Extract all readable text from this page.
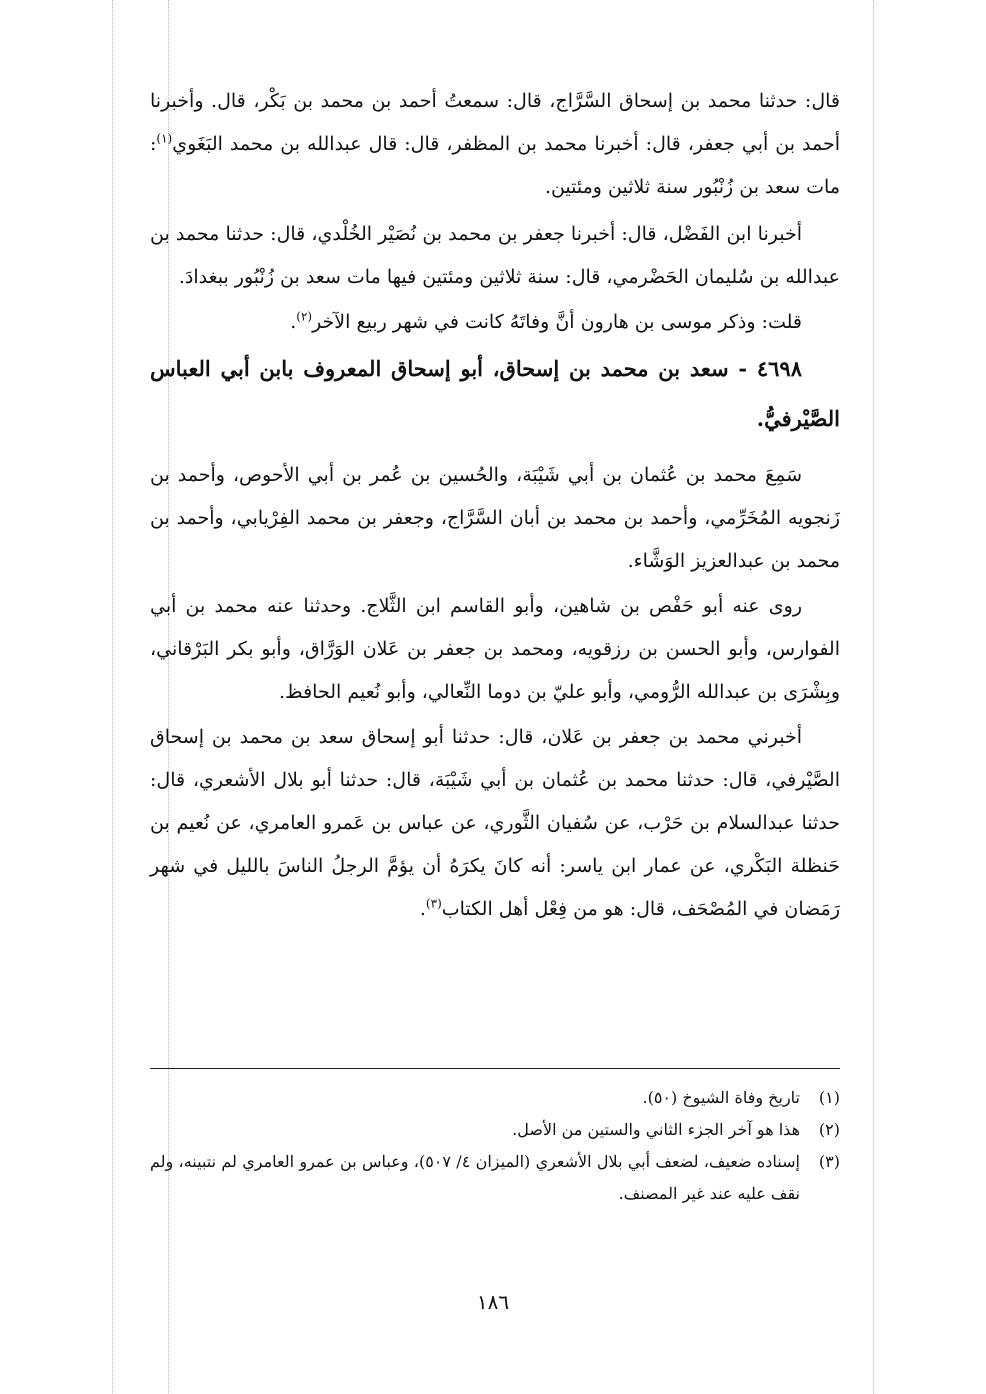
قال: حدثنا محمد بن إسحاق السَّرَّاج، قال: سمعتُ أحمد بن محمد بن بَكْر، قال. وأخبرنا أحمد بن أبي جعفر، قال: أخبرنا محمد بن المظفر، قال: قال عبدالله بن محمد البَغَوي$^{(١)}$: مات سعد بن زُنْبُور سنة ثلاثين ومئتين.

أخبرنا ابن الفَضْل، قال: أخبرنا جعفر بن محمد بن نُصَيْر الخُلْدي، قال: حدثنا محمد بن عبدالله بن سُليمان الحَضْرمي، قال: سنة ثلاثين ومئتين فيها مات سعد بن زُنْبُور ببغدادَ.

قلت: وذكر موسى بن هارون أنَّ وفاتَهُ كانت في شهر ربيع الآخر$^{(٢)}$.

٤٦٩٨ - سعد بن محمد بن إسحاق، أبو إسحاق المعروف بابن أبي العباس الصَّيْرفيُّ.

سَمِعَ محمد بن عُثمان بن أبي شَيْبَة، والحُسين بن عُمر بن أبي الأحوص، وأحمد بن زَنجويه المُخَرِّمي، وأحمد بن محمد بن أبان السَّرَّاج، وجعفر بن محمد الفِرْيابي، وأحمد بن محمد بن عبدالعزيز الوَشَّاء.

روى عنه أبو حَفْص بن شاهين، وأبو القاسم ابن الثَّلاج. وحدثنا عنه محمد بن أبي الفوارس، وأبو الحسن بن رزقويه، ومحمد بن جعفر بن عَلان الوَرَّاق، وأبو بكر البَرْقاني، وبِشْرَى بن عبدالله الرُّومي، وأبو عليّ بن دوما النِّعالي، وأبو نُعيم الحافظ.

أخبرني محمد بن جعفر بن عَلان، قال: حدثنا أبو إسحاق سعد بن محمد بن إسحاق الصَّيْرفي، قال: حدثنا محمد بن عُثمان بن أبي شَيْبَة، قال: حدثنا أبو بلال الأشعري، قال: حدثنا عبدالسلام بن حَرْب، عن سُفيان الثَّوري، عن عباس بن عَمرو العامري، عن نُعيم بن حَنظلة البَكْري، عن عمار ابن ياسر: أنه كانَ يكرَهُ أن يؤمَّ الرجلُ الناسَ بالليل في شهر رَمَضان في المُصْحَف، قال: هو من فِعْل أهل الكتاب$^{(٣)}$.

(١)
تاريخ وفاة الشيوخ (٥٠).

(٢)
هذا هو آخر الجزء الثاني والستين من الأصل.

(٣)
إسناده ضعيف، لضعف أبي بلال الأشعري (الميزان ٤/ ٥٠٧)، وعباس بن عمرو العامري لم نتبينه، ولم نقف عليه عند غير المصنف.

١٨٦
